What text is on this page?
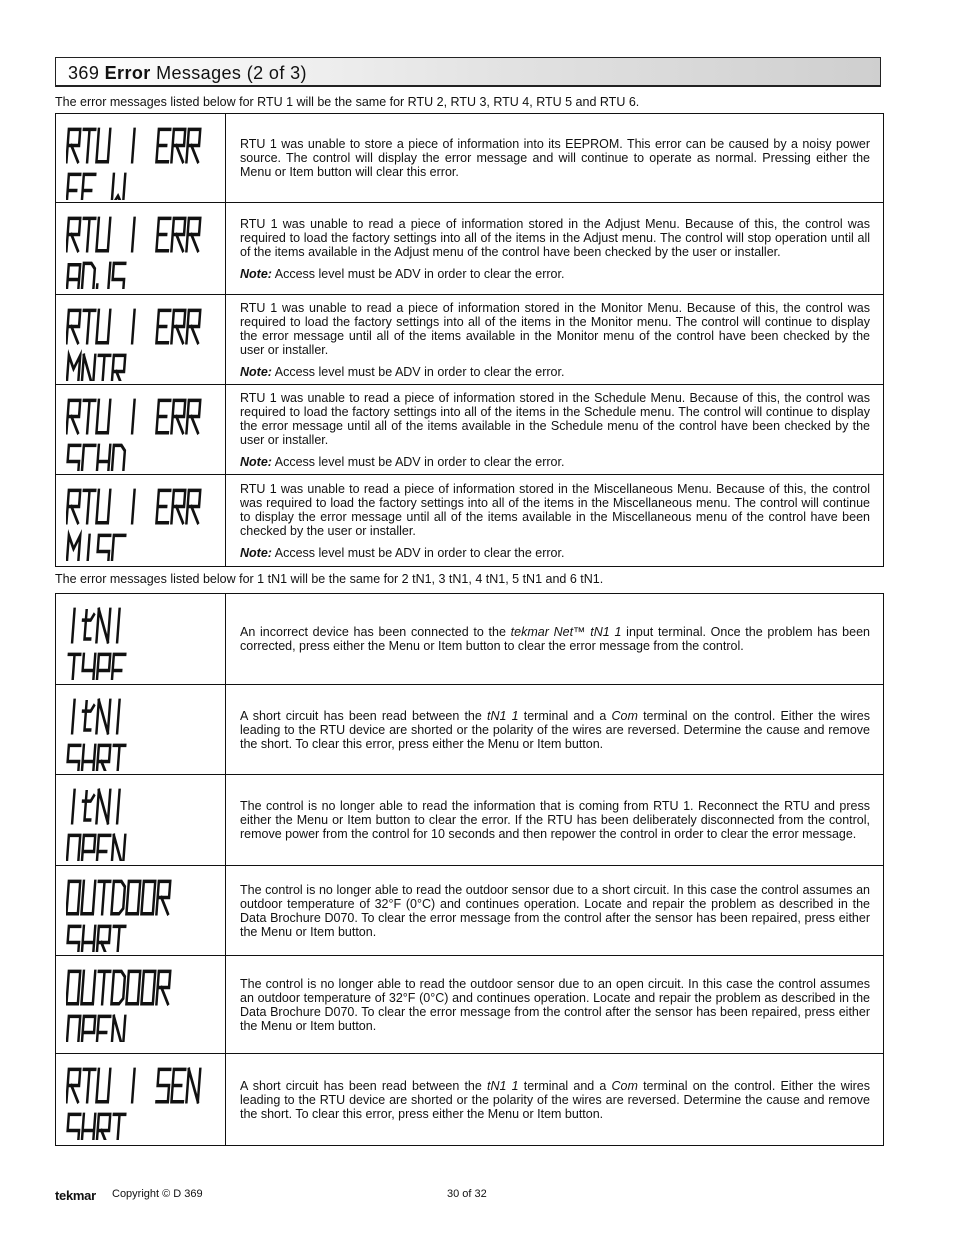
369 Error Messages (2 of 3)
The error messages listed below for RTU 1 will be the same for RTU 2, RTU 3, RTU 4, RTU 5 and RTU 6.

RTU 1 was unable to store a piece of information into its EEPROM. This error can be caused by a noisy power source. The control will display the error message and will continue to operate as normal. Pressing either the Menu or Item button will clear this error.

RTU 1 was unable to read a piece of information stored in the Adjust Menu. Because of this, the control was required to load the factory settings into all of the items in the Adjust menu. The control will stop operation until all of the items available in the Adjust menu of the control have been checked by the user or installer.

Note: Access level must be ADV in order to clear the error.

RTU 1 was unable to read a piece of information stored in the Monitor Menu. Because of this, the control was required to load the factory settings into all of the items in the Monitor menu. The control will continue to display the error message until all of the items available in the Monitor menu of the control have been checked by the user or installer.

Note: Access level must be ADV in order to clear the error.

RTU 1 was unable to read a piece of information stored in the Schedule Menu. Because of this, the control was required to load the factory settings into all of the items in the Schedule menu. The control will continue to display the error message until all of the items available in the Schedule menu of the control have been checked by the user or installer.

Note: Access level must be ADV in order to clear the error.

RTU 1 was unable to read a piece of information stored in the Miscellaneous Menu. Because of this, the control was required to load the factory settings into all of the items in the Miscellaneous menu. The control will continue to display the error message until all of the items available in the Miscellaneous menu of the control have been checked by the user or installer.

Note: Access level must be ADV in order to clear the error.

The error messages listed below for 1 tN1 will be the same for 2 tN1, 3 tN1, 4 tN1, 5 tN1 and 6 tN1.

An incorrect device has been connected to the tekmar Net™ tN1 1 input terminal. Once the problem has been corrected, press either the Menu or Item button to clear the error message from the control.

A short circuit has been read between the tN1 1 terminal and a Com terminal on the control. Either the wires leading to the RTU device are shorted or the polarity of the wires are reversed. Determine the cause and remove the short. To clear this error, press either the Menu or Item button.

The control is no longer able to read the information that is coming from RTU 1. Reconnect the RTU and press either the Menu or Item button to clear the error. If the RTU has been deliberately disconnected from the control, remove power from the control for 10 seconds and then repower the control in order to clear the error message.

The control is no longer able to read the outdoor sensor due to a short circuit. In this case the control assumes an outdoor temperature of 32°F (0°C) and continues operation. Locate and repair the problem as described in the Data Brochure D070. To clear the error message from the control after the sensor has been repaired, press either the Menu or Item button.

The control is no longer able to read the outdoor sensor due to an open circuit. In this case the control assumes an outdoor temperature of 32°F (0°C) and continues operation. Locate and repair the problem as described in the Data Brochure D070. To clear the error message from the control after the sensor has been repaired, press either the Menu or Item button.

A short circuit has been read between the tN1 1 terminal and a Com terminal on the control. Either the wires leading to the RTU device are shorted or the polarity of the wires are reversed. Determine the cause and remove the short. To clear this error, press either the Menu or Item button.

tekmar Copyright © D 369	30 of 32
